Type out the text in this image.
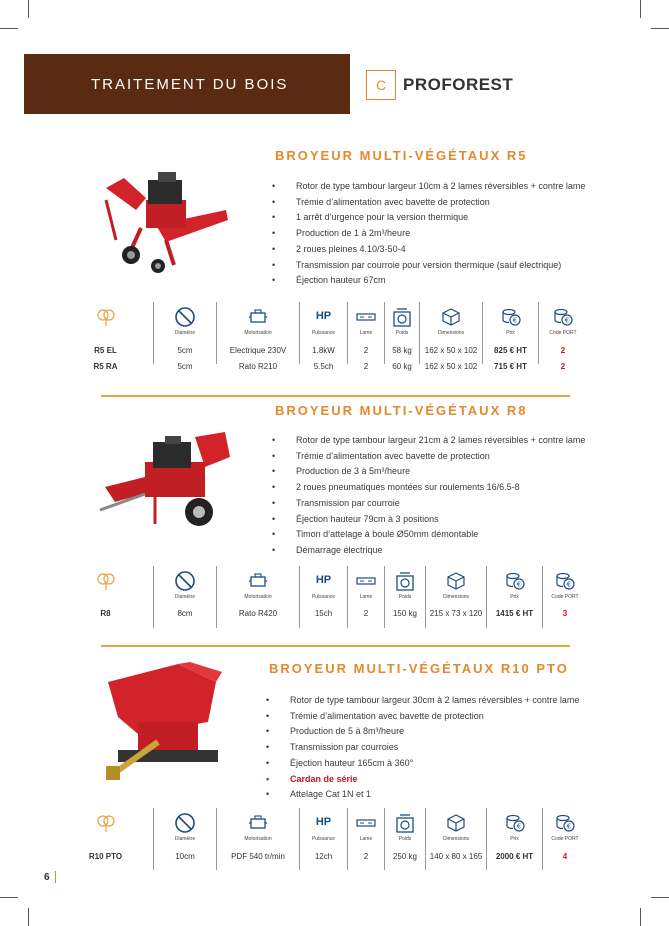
TRAITEMENT DU BOIS	C PROFOREST
BROYEUR MULTI-VÉGÉTAUX R5
• Rotor de type tambour largeur 10cm à 2 lames réversibles + contre lame
• Trémie d’alimentation avec bavette de protection
• 1 arrêt d’urgence pour la version thermique
• Production de 1 à 2m³/heure
• 2 roues pleines 4.10/3-50-4
• Transmission par courroie pour version thermique (sauf électrique)
• Éjection hauteur 67cm
R5 EL
R5 RA
Diamètre
5cm
5cm
Motorisation
Electrique 230V
Rato R210
HP
Puissance
1.8kW
5.5ch
Lame
2
2
Poids
58 kg
60 kg
Dimensions
162 x 50 x 102
162 x 50 x 102
€
Prix
825 € HT
715 € HT
€
Code PORT
2
2
BROYEUR MULTI-VÉGÉTAUX R8
• Rotor de type tambour largeur 21cm à 2 lames réversibles + contre lame
• Trémie d’alimentation avec bavette de protection
• Production de 3 à 5m³/heure
• 2 roues pneumatiques montées sur roulements 16/6.5-8
• Transmission par courroie
• Éjection hauteur 79cm à 3 positions
• Timon d’attelage à boule Ø50mm démontable
• Démarrage électrique
R8
Diamètre
8cm
Motorisation
Rato R420
HP
Puissance
15ch
Lame
2
Poids
150 kg
Dimensions
215 x 73 x 120
€
Prix
1415 € HT
€
Code PORT
3
BROYEUR MULTI-VÉGÉTAUX R10 PTO
• Rotor de type tambour largeur 30cm à 2 lames réversibles + contre lame
• Trémie d’alimentation avec bavette de protection
• Production de 5 à 8m³/heure
• Transmission par courroies
• Éjection hauteur 165cm à 360°
• Cardan de série
• Attelage Cat 1N et 1
R10 PTO
Diamètre
10cm
Motorisation
PDF 540 tr/min
HP
Puissance
12ch
Lame
2
Poids
250 kg
Dimensions
140 x 80 x 165
€
Prix
2000 € HT
€
Code PORT
4
6
